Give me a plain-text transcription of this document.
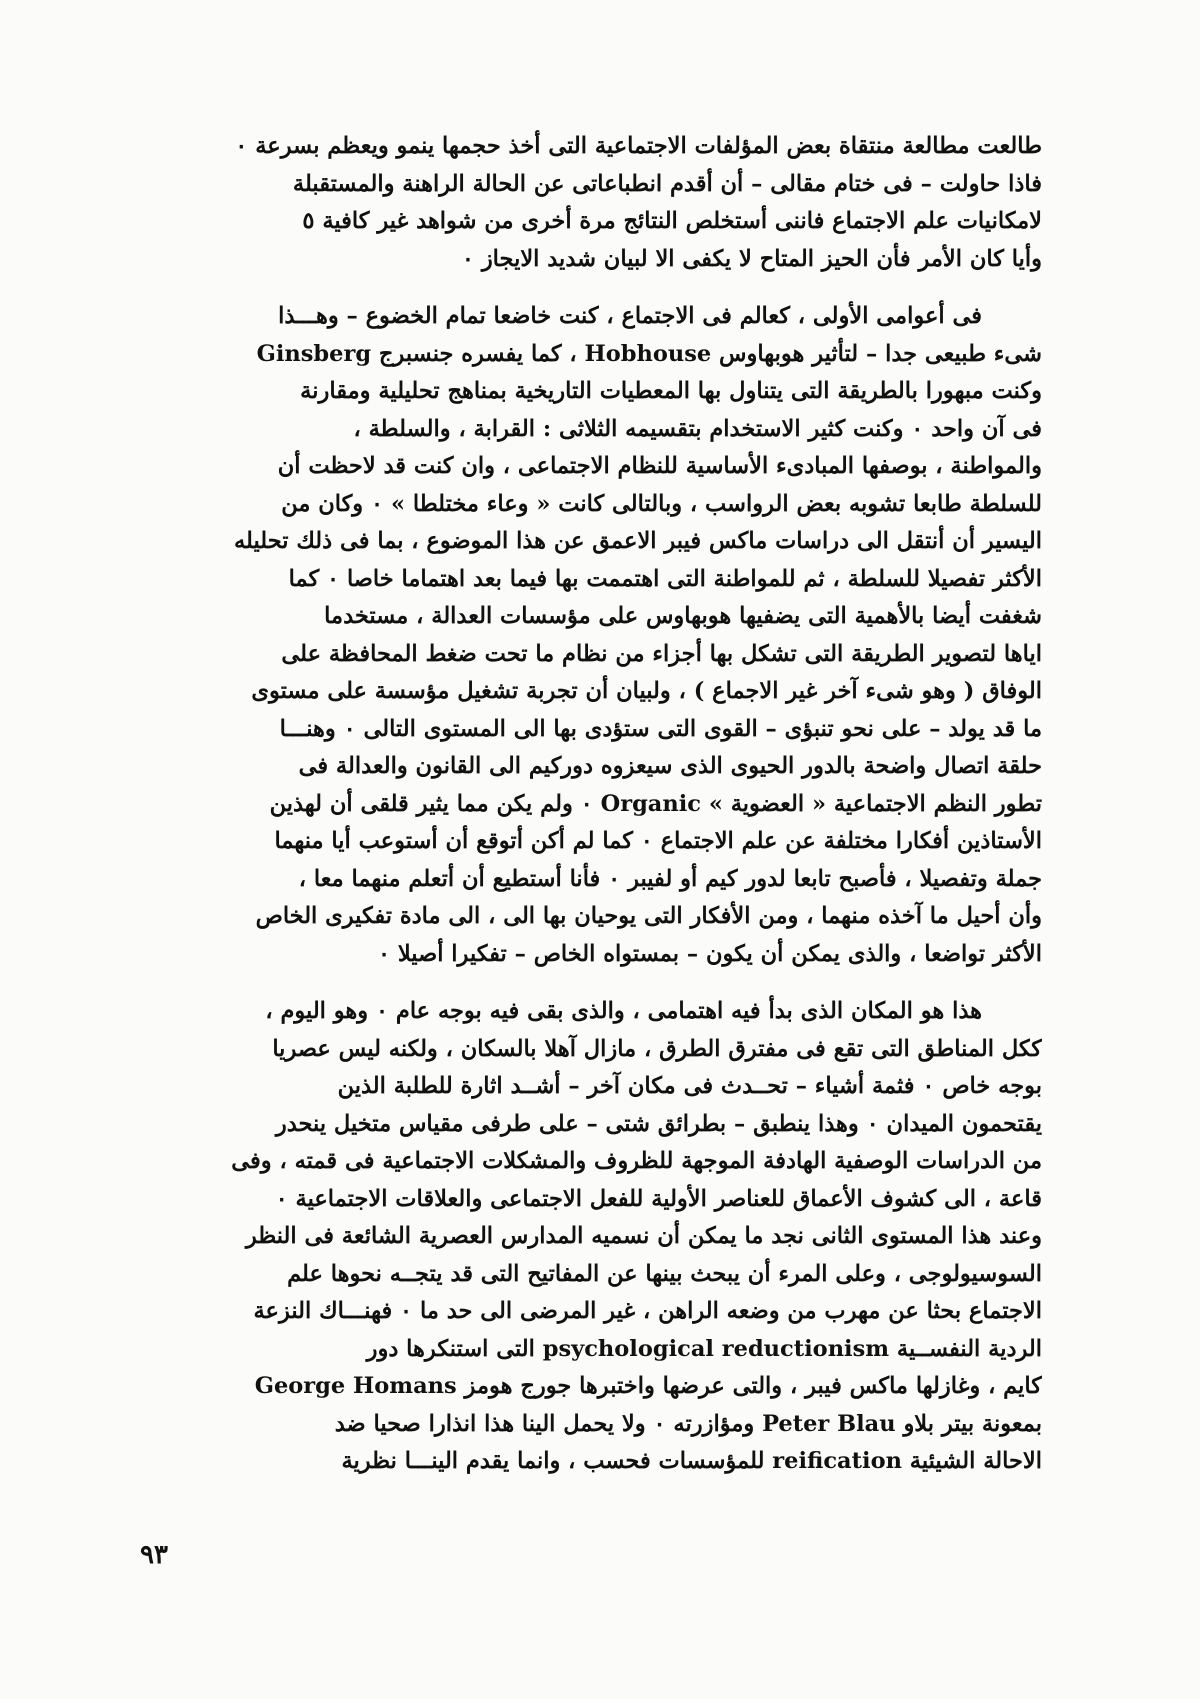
طالعت مطالعة منتقاة بعض المؤلفات الاجتماعية التى أخذ حجمها ينمو ويعظم بسرعة ٠
فاذا حاولت – فى ختام مقالى – أن أقدم انطباعاتى عن الحالة الراهنة والمستقبلة
لامكانيات علم الاجتماع فاننى أستخلص النتائج مرة أخرى من شواهد غير كافية ٥
وأيا كان الأمر فأن الحيز المتاح لا يكفى الا لبيان شديد الايجاز ٠
فى أعوامى الأولى ، كعالم فى الاجتماع ، كنت خاضعا تمام الخضوع – وهـــذا
شىء طبيعى جدا – لتأثير هوبهاوس Hobhouse ، كما يفسره جنسبرج Ginsberg
وكنت مبهورا بالطريقة التى يتناول بها المعطيات التاريخية بمناهج تحليلية ومقارنة
فى آن واحد ٠ وكنت كثير الاستخدام بتقسيمه الثلاثى : القرابة ، والسلطة ،
والمواطنة ، بوصفها المبادىء الأساسية للنظام الاجتماعى ، وان كنت قد لاحظت أن
للسلطة طابعا تشوبه بعض الرواسب ، وبالتالى كانت « وعاء مختلطا » ٠ وكان من
اليسير أن أنتقل الى دراسات ماكس فيبر الاعمق عن هذا الموضوع ، بما فى ذلك تحليله
الأكثر تفصيلا للسلطة ، ثم للمواطنة التى اهتممت بها فيما بعد اهتماما خاصا ٠ كما
شغفت أيضا بالأهمية التى يضفيها هوبهاوس على مؤسسات العدالة ، مستخدما
اياها لتصوير الطريقة التى تشكل بها أجزاء من نظام ما تحت ضغط المحافظة على
الوفاق ( وهو شىء آخر غير الاجماع ) ، ولبيان أن تجربة تشغيل مؤسسة على مستوى
ما قد يولد – على نحو تنبؤى – القوى التى ستؤدى بها الى المستوى التالى ٠ وهنـــا
حلقة اتصال واضحة بالدور الحيوى الذى سيعزوه دوركيم الى القانون والعدالة فى
تطور النظم الاجتماعية « العضوية » Organic ٠ ولم يكن مما يثير قلقى أن لهذين
الأستاذين أفكارا مختلفة عن علم الاجتماع ٠ كما لم أكن أتوقع أن أستوعب أيا منهما
جملة وتفصيلا ، فأصبح تابعا لدور كيم أو لفيبر ٠ فأنا أستطيع أن أتعلم منهما معا ،
وأن أحيل ما آخذه منهما ، ومن الأفكار التى يوحيان بها الى ، الى مادة تفكيرى الخاص
الأكثر تواضعا ، والذى يمكن أن يكون – بمستواه الخاص – تفكيرا أصيلا ٠
هذا هو المكان الذى بدأ فيه اهتمامى ، والذى بقى فيه بوجه عام ٠ وهو اليوم ،
ككل المناطق التى تقع فى مفترق الطرق ، مازال آهلا بالسكان ، ولكنه ليس عصريا
بوجه خاص ٠ فثمة أشياء – تحــدث فى مكان آخر – أشــد اثارة للطلبة الذين
يقتحمون الميدان ٠ وهذا ينطبق – بطرائق شتى – على طرفى مقياس متخيل ينحدر
من الدراسات الوصفية الهادفة الموجهة للظروف والمشكلات الاجتماعية فى قمته ، وفى
قاعة ، الى كشوف الأعماق للعناصر الأولية للفعل الاجتماعى والعلاقات الاجتماعية ٠
وعند هذا المستوى الثانى نجد ما يمكن أن نسميه المدارس العصرية الشائعة فى النظر
السوسيولوجى ، وعلى المرء أن يبحث بينها عن المفاتيح التى قد يتجــه نحوها علم
الاجتماع بحثا عن مهرب من وضعه الراهن ، غير المرضى الى حد ما ٠ فهنـــاك النزعة
الردية النفســية psychological reductionism التى استنكرها دور
كايم ، وغازلها ماكس فيبر ، والتى عرضها واختبرها جورج هومز George Homans
بمعونة بيتر بلاو Peter Blau ومؤازرته ٠ ولا يحمل الينا هذا انذارا صحيا ضد
الاحالة الشيئية reification للمؤسسات فحسب ، وانما يقدم الينـــا نظرية
٩٣
